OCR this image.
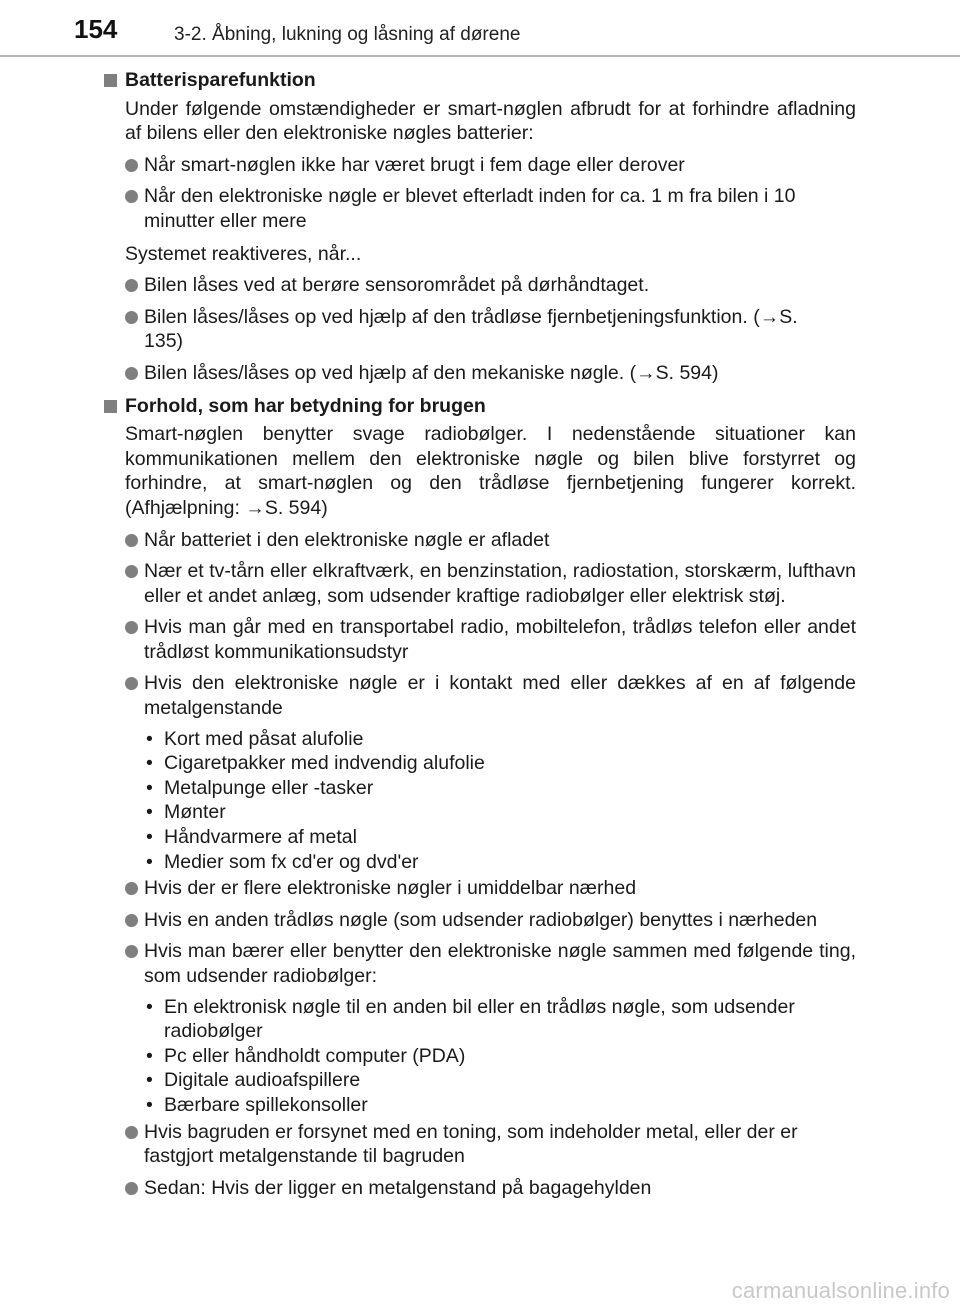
154	3-2. Åbning, lukning og låsning af dørene
Batterisparefunktion
Under følgende omstændigheder er smart-nøglen afbrudt for at forhindre afladning af bilens eller den elektroniske nøgles batterier:
Når smart-nøglen ikke har været brugt i fem dage eller derover
Når den elektroniske nøgle er blevet efterladt inden for ca. 1 m fra bilen i 10 minutter eller mere
Systemet reaktiveres, når...
Bilen låses ved at berøre sensorområdet på dørhåndtaget.
Bilen låses/låses op ved hjælp af den trådløse fjernbetjeningsfunktion. (→S. 135)
Bilen låses/låses op ved hjælp af den mekaniske nøgle. (→S. 594)
Forhold, som har betydning for brugen
Smart-nøglen benytter svage radiobølger. I nedenstående situationer kan kommunikationen mellem den elektroniske nøgle og bilen blive forstyrret og forhindre, at smart-nøglen og den trådløse fjernbetjening fungerer korrekt. (Afhjælpning: →S. 594)
Når batteriet i den elektroniske nøgle er afladet
Nær et tv-tårn eller elkraftværk, en benzinstation, radiostation, storskærm, lufthavn eller et andet anlæg, som udsender kraftige radiobølger eller elektrisk støj.
Hvis man går med en transportabel radio, mobiltelefon, trådløs telefon eller andet trådløst kommunikationsudstyr
Hvis den elektroniske nøgle er i kontakt med eller dækkes af en af følgende metalgenstande
• Kort med påsat alufolie
• Cigaretpakker med indvendig alufolie
• Metalpunge eller -tasker
• Mønter
• Håndvarmere af metal
• Medier som fx cd'er og dvd'er
Hvis der er flere elektroniske nøgler i umiddelbar nærhed
Hvis en anden trådløs nøgle (som udsender radiobølger) benyttes i nærheden
Hvis man bærer eller benytter den elektroniske nøgle sammen med følgende ting, som udsender radiobølger:
• En elektronisk nøgle til en anden bil eller en trådløs nøgle, som udsender radiobølger
• Pc eller håndholdt computer (PDA)
• Digitale audioafspillere
• Bærbare spillekonsoller
Hvis bagruden er forsynet med en toning, som indeholder metal, eller der er fastgjort metalgenstande til bagruden
Sedan: Hvis der ligger en metalgenstand på bagagehylden
carmanualsonline.info
